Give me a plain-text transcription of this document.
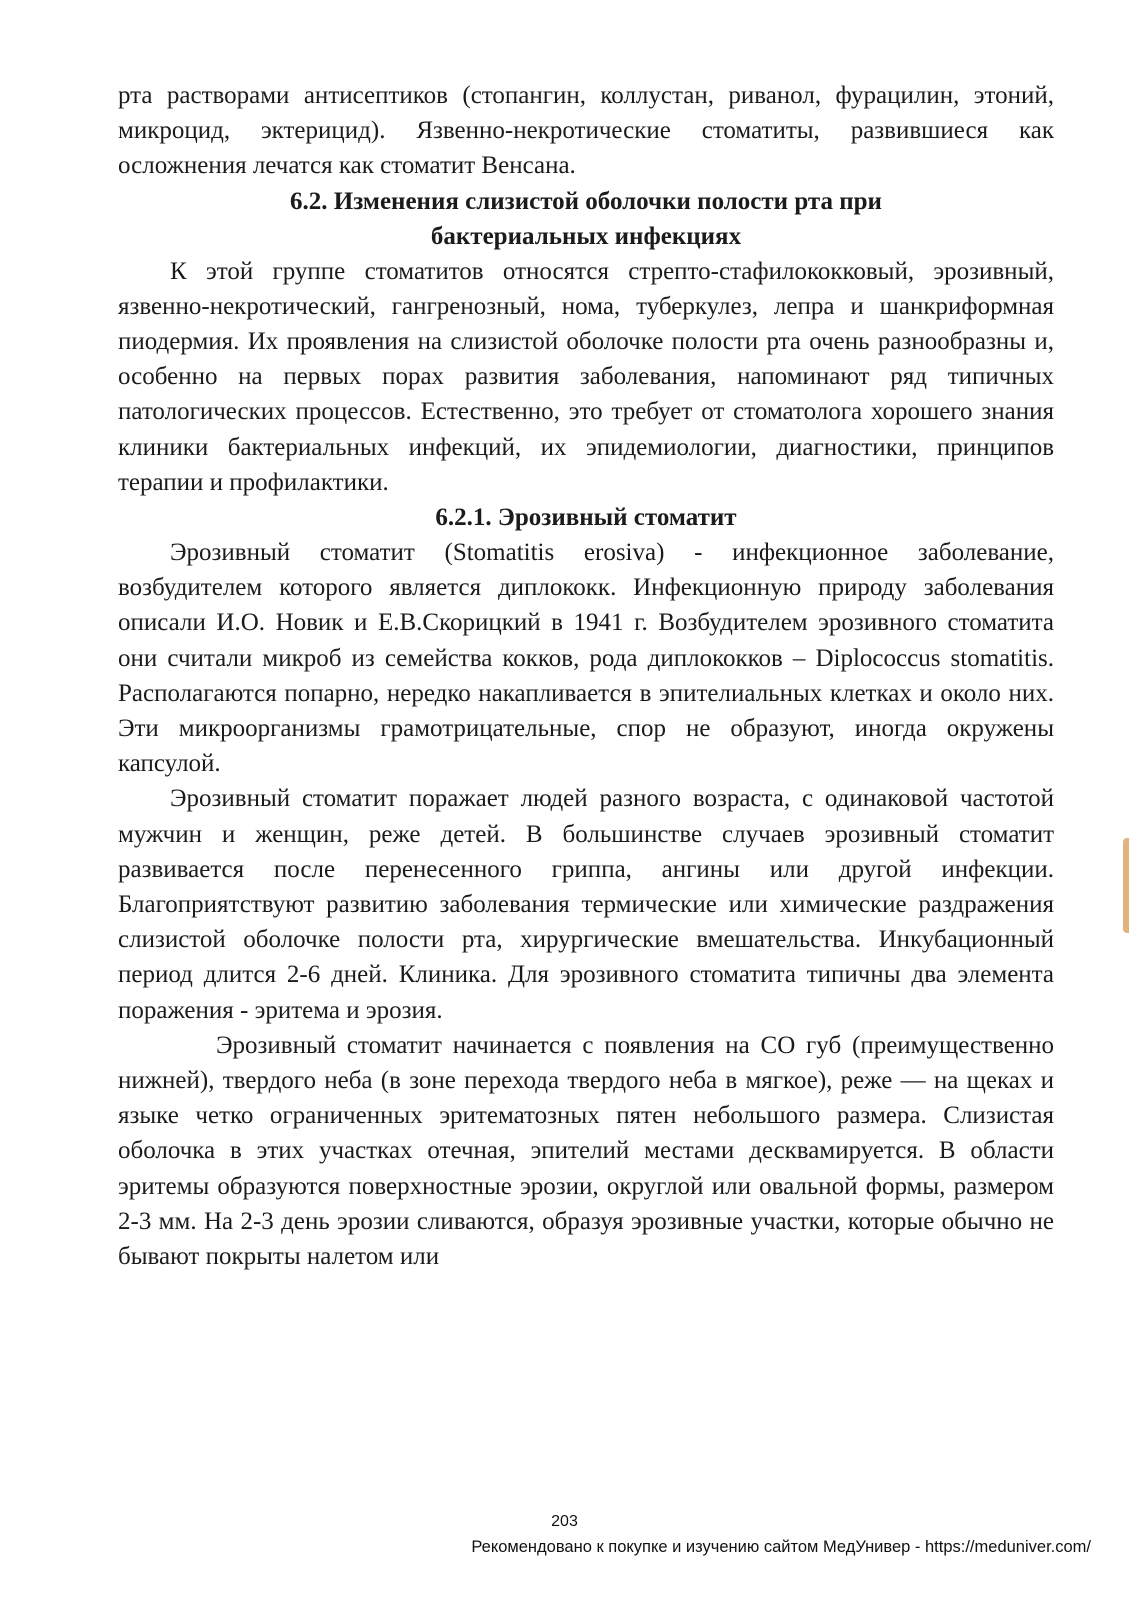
рта растворами антисептиков (стопангин, коллустан, риванол, фурацилин, этоний, микроцид, эктерицид). Язвенно-некротические стоматиты, развившиеся как осложнения лечатся как стоматит Венсана.

6.2. Изменения слизистой оболочки полости рта при
бактериальных инфекциях

К этой группе стоматитов относятся стрепто-стафилококковый, эрозивный, язвенно-некротический, гангренозный, нома, туберкулез, лепра и шанкриформная пиодермия. Их проявления на слизистой оболочке полости рта очень разнообразны и, особенно на первых порах развития заболевания, напоминают ряд типичных патологических процессов. Естественно, это требует от стоматолога хорошего знания клиники бактериальных инфекций, их эпидемиологии, диагностики, принципов терапии и профилактики.

6.2.1. Эрозивный стоматит

Эрозивный стоматит (Stomatitis erosiva) - инфекционное заболевание, возбудителем которого является диплококк. Инфекционную природу заболевания описали И.О. Новик и Е.В.Скорицкий в 1941 г. Возбудителем эрозивного стоматита они считали микроб из семейства кокков, рода диплококков – Diplococcus stomatitis. Располагаются попарно, нередко накапливается в эпителиальных клетках и около них. Эти микроорганизмы грамотрицательные, спор не образуют, иногда окружены капсулой.

Эрозивный стоматит поражает людей разного возраста, с одинаковой частотой мужчин и женщин, реже детей. В большинстве случаев эрозивный стоматит развивается после перенесенного гриппа, ангины или другой инфекции. Благоприятствуют развитию заболевания термические или химические раздражения слизистой оболочке полости рта, хирургические вмешательства. Инкубационный период длится 2-6 дней. Клиника. Для эрозивного стоматита типичны два элемента поражения - эритема и эрозия.

Эрозивный стоматит начинается с появления на СО губ (преимущественно нижней), твердого неба (в зоне перехода твердого неба в мягкое), реже — на щеках и языке четко ограниченных эритематозных пятен небольшого размера. Слизистая оболочка в этих участках отечная, эпителий местами десквамируется. В области эритемы образуются поверхностные эрозии, округлой или овальной формы, размером 2-3 мм. На 2-3 день эрозии сливаются, образуя эрозивные участки, которые обычно не бывают покрыты налетом или

203
Рекомендовано к покупке и изучению сайтом МедУнивер - https://meduniver.com/
